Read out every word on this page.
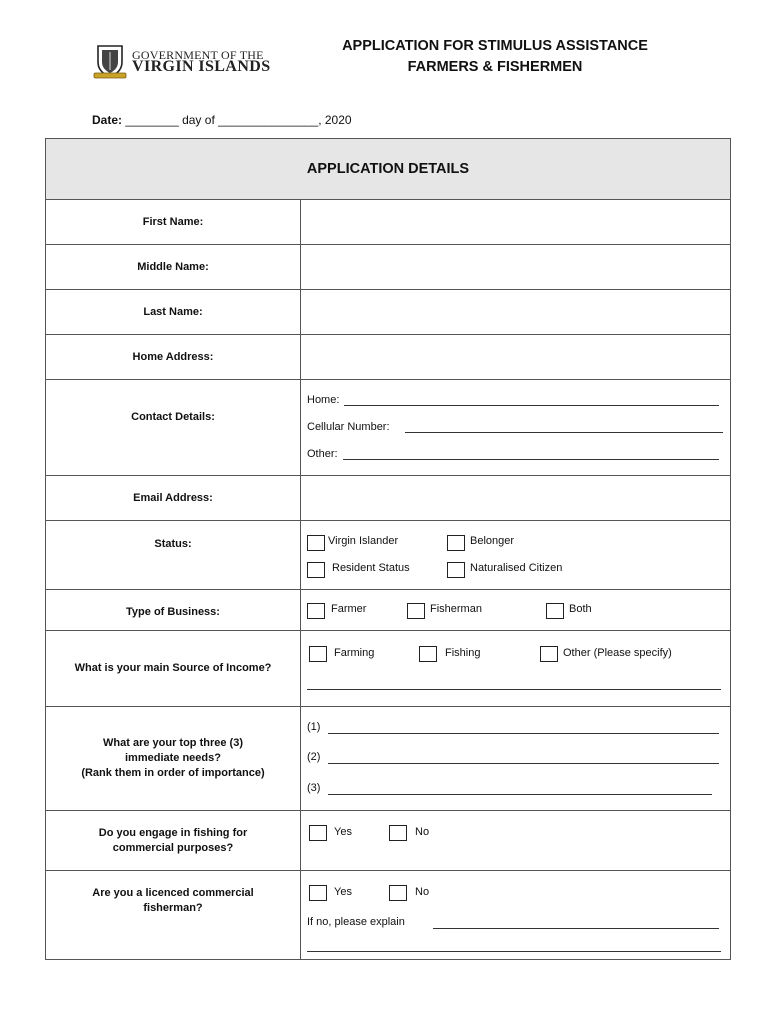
GOVERNMENT OF THE
VIRGIN ISLANDS
APPLICATION FOR STIMULUS ASSISTANCE
FARMERS & FISHERMEN
Date: ________ day of _______________, 2020
APPLICATION DETAILS
First Name:
Middle Name:
Last Name:
Home Address:
Contact Details:
Home:
Cellular Number:
Other:
Email Address:
Status:	Virgin Islander	Belonger
Resident Status	Naturalised Citizen
Type of Business:	Farmer	Fisherman	Both
What is your main Source of Income?
Farming	Fishing	Other (Please specify)
What are your top three (3)
immediate needs?
(Rank them in order of importance)
(1)
(2)
(3)
Do you engage in fishing for
commercial purposes?
Yes	No
Are you a licenced commercial
fisherman?
Yes	No
If no, please explain
